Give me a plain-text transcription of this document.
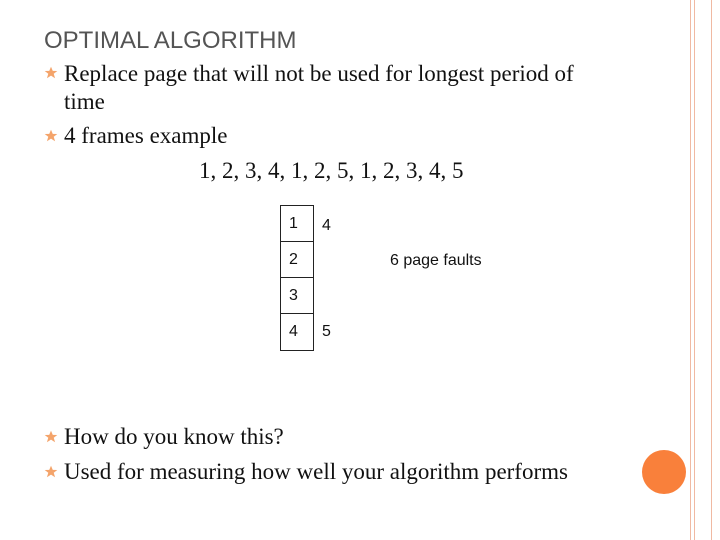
OPTIMAL ALGORITHM
Replace page that will not be used for longest period of
time
4 frames example
1, 2, 3, 4, 1, 2, 5, 1, 2, 3, 4, 5
1
2
3
4
4
6 page faults
5
How do you know this?
Used for measuring how well your algorithm performs
